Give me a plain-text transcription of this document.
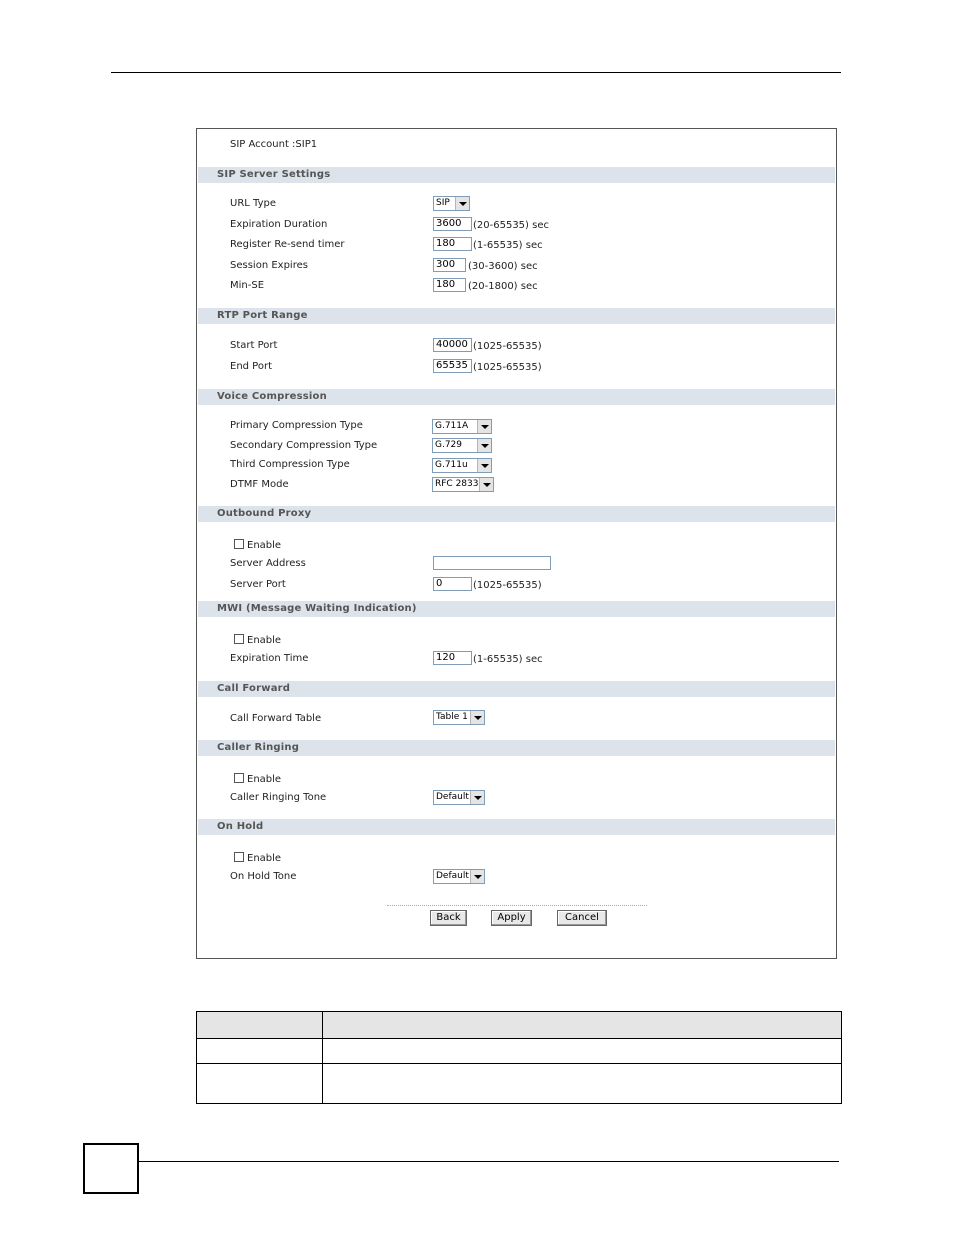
SIP Account :SIP1
SIP Server Settings
URL Type	SIP
Expiration Duration	3600	(20-65535) sec
Register Re-send timer	180	(1-65535) sec
Session Expires	300	(30-3600) sec
Min-SE	180	(20-1800) sec
RTP Port Range
Start Port	40000 (1025-65535)
End Port	65535 (1025-65535)
Voice Compression
Primary Compression Type	G.711A
Secondary Compression Type	G.729
Third Compression Type	G.711u
DTMF Mode	RFC 2833
Outbound Proxy
Enable
Server Address
Server Port	0	(1025-65535)
MWI (Message Waiting Indication)
Enable
Expiration Time	120	(1-65535) sec
Call Forward
Call Forward Table	Table 1
Caller Ringing
Enable
Caller Ringing Tone	Default
On Hold
Enable
On Hold Tone	Default
Back	Apply	Cancel
